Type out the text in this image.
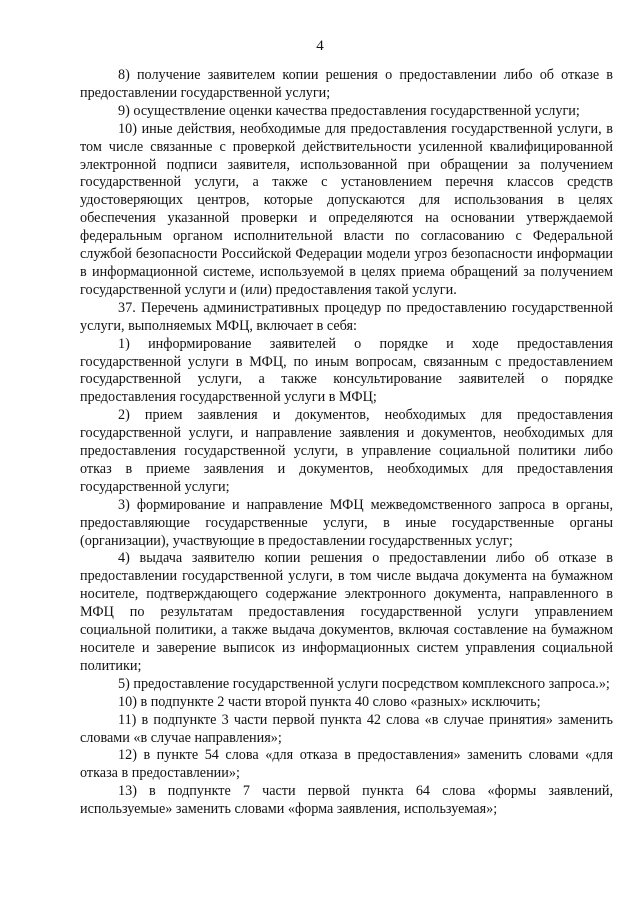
4

8) получение заявителем копии решения о предоставлении либо об отказе в предоставлении государственной услуги;

9) осуществление оценки качества предоставления государственной услуги;

10) иные действия, необходимые для предоставления государственной услуги, в том числе связанные с проверкой действительности усиленной квалифицированной электронной подписи заявителя, использованной при обращении за получением государственной услуги, а также с установлением перечня классов средств удостоверяющих центров, которые допускаются для использования в целях обеспечения указанной проверки и определяются на основании утверждаемой федеральным органом исполнительной власти по согласованию с Федеральной службой безопасности Российской Федерации модели угроз безопасности информации в информационной системе, используемой в целях приема обращений за получением государственной услуги и (или) предоставления такой услуги.

37. Перечень административных процедур по предоставлению государственной услуги, выполняемых МФЦ, включает в себя:

1) информирование заявителей о порядке и ходе предоставления государственной услуги в МФЦ, по иным вопросам, связанным с предоставлением государственной услуги, а также консультирование заявителей о порядке предоставления государственной услуги в МФЦ;

2) прием заявления и документов, необходимых для предоставления государственной услуги, и направление заявления и документов, необходимых для предоставления государственной услуги, в управление социальной политики либо отказ в приеме заявления и документов, необходимых для предоставления государственной услуги;

3) формирование и направление МФЦ межведомственного запроса в органы, предоставляющие государственные услуги, в иные государственные органы (организации), участвующие в предоставлении государственных услуг;

4) выдача заявителю копии решения о предоставлении либо об отказе в предоставлении государственной услуги, в том числе выдача документа на бумажном носителе, подтверждающего содержание электронного документа, направленного в МФЦ по результатам предоставления государственной услуги управлением социальной политики, а также выдача документов, включая составление на бумажном носителе и заверение выписок из информационных систем управления социальной политики;

5) предоставление государственной услуги посредством комплексного запроса.»;

10) в подпункте 2 части второй пункта 40 слово «разных» исключить;

11) в подпункте 3 части первой пункта 42 слова «в случае принятия» заменить словами «в случае направления»;

12) в пункте 54 слова «для отказа в предоставления» заменить словами «для отказа в предоставлении»;

13) в подпункте 7 части первой пункта 64 слова «формы заявлений, используемые» заменить словами «форма заявления, используемая»;
